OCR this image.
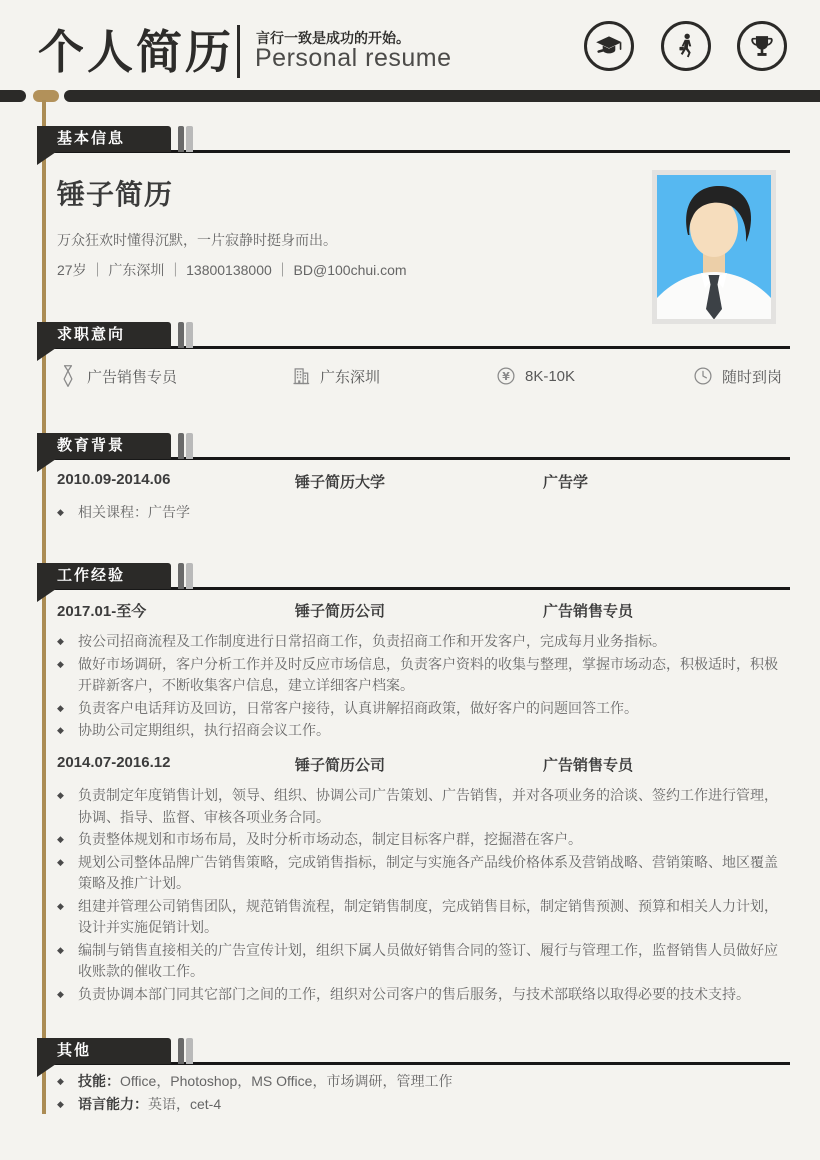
个人简历 言行一致是成功的开始。
Personal resume
基本信息
锤子简历
万众狂欢时懂得沉默，一片寂静时挺身而出。
27岁 ｜ 广东深圳 ｜ 13800138000 ｜ BD@100chui.com
求职意向
广告销售专员	广东深圳	¥ 8K-10K	随时到岗
教育背景
2010.09-2014.06	锤子简历大学	广告学
◆	相关课程：广告学
工作经验
2017.01-至今	锤子简历公司	广告销售专员
◆	按公司招商流程及工作制度进行日常招商工作，负责招商工作和开发客户，完成每月业务指标。
◆	做好市场调研，客户分析工作并及时反应市场信息，负责客户资料的收集与整理，掌握市场动态，积极适时，积极开辟新客户，不断收集客户信息，建立详细客户档案。
◆	负责客户电话拜访及回访，日常客户接待，认真讲解招商政策，做好客户的问题回答工作。
◆	协助公司定期组织，执行招商会议工作。
2014.07-2016.12	锤子简历公司	广告销售专员
◆	负责制定年度销售计划，领导、组织、协调公司广告策划、广告销售，并对各项业务的洽谈、签约工作进行管理，协调、指导、监督、审核各项业务合同。
◆	负责整体规划和市场布局，及时分析市场动态，制定目标客户群，挖掘潜在客户。
◆	规划公司整体品牌广告销售策略，完成销售指标，制定与实施各产品线价格体系及营销战略、营销策略、地区覆盖策略及推广计划。
◆	组建并管理公司销售团队，规范销售流程，制定销售制度，完成销售目标，制定销售预测、预算和相关人力计划，设计并实施促销计划。
◆	编制与销售直接相关的广告宣传计划，组织下属人员做好销售合同的签订、履行与管理工作，监督销售人员做好应收账款的催收工作。
◆	负责协调本部门同其它部门之间的工作，组织对公司客户的售后服务，与技术部联络以取得必要的技术支持。
其他
◆	技能：Office，Photoshop，MS Office，市场调研，管理工作
◆	语言能力：英语，cet-4
